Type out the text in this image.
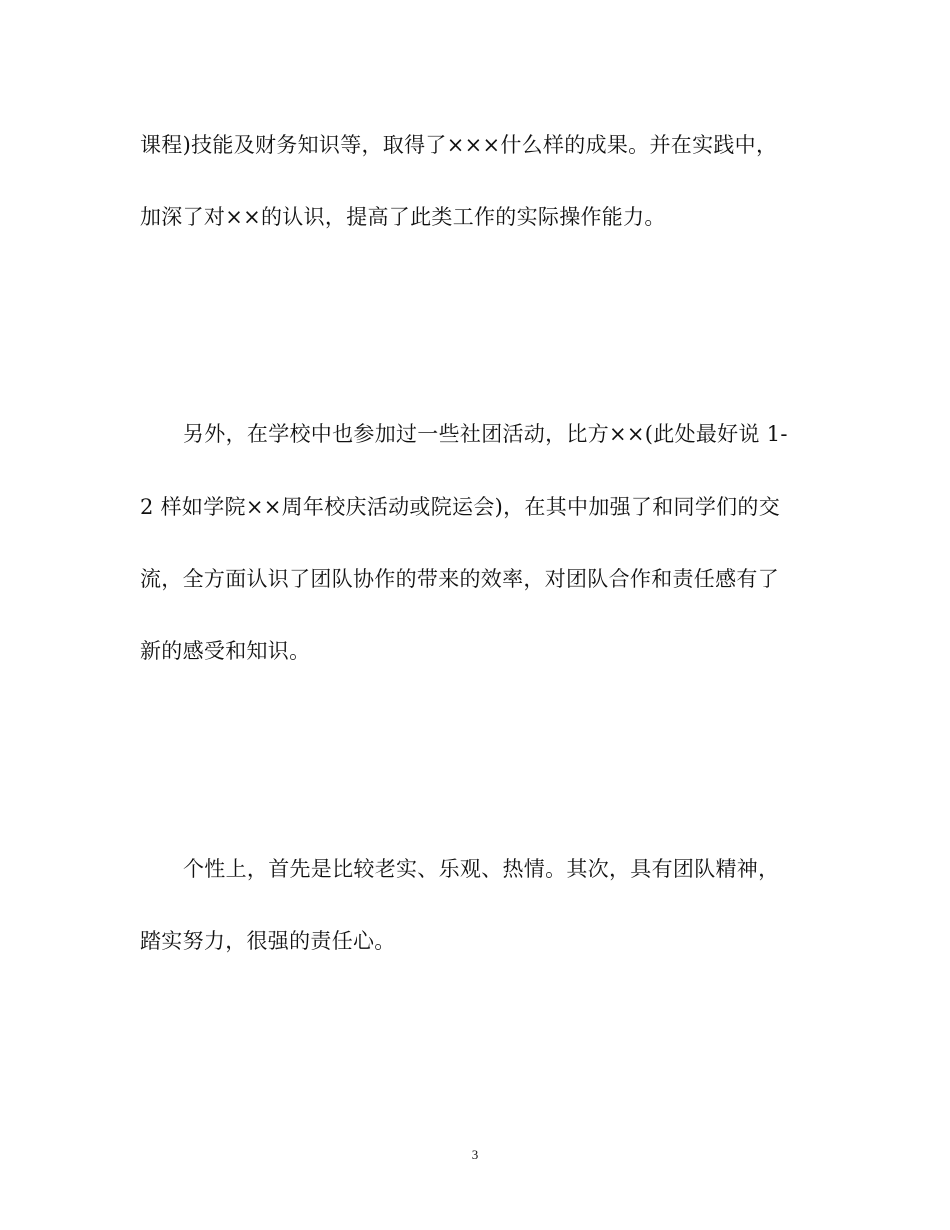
课程)技能及财务知识等，取得了×××什么样的成果。并在实践中，
加深了对××的认识，提高了此类工作的实际操作能力。
另外，在学校中也参加过一些社团活动，比方××(此处最好说 1-
2 样如学院××周年校庆活动或院运会)，在其中加强了和同学们的交
流，全方面认识了团队协作的带来的效率，对团队合作和责任感有了
新的感受和知识。
个性上，首先是比较老实、乐观、热情。其次，具有团队精神，
踏实努力，很强的责任心。
3
